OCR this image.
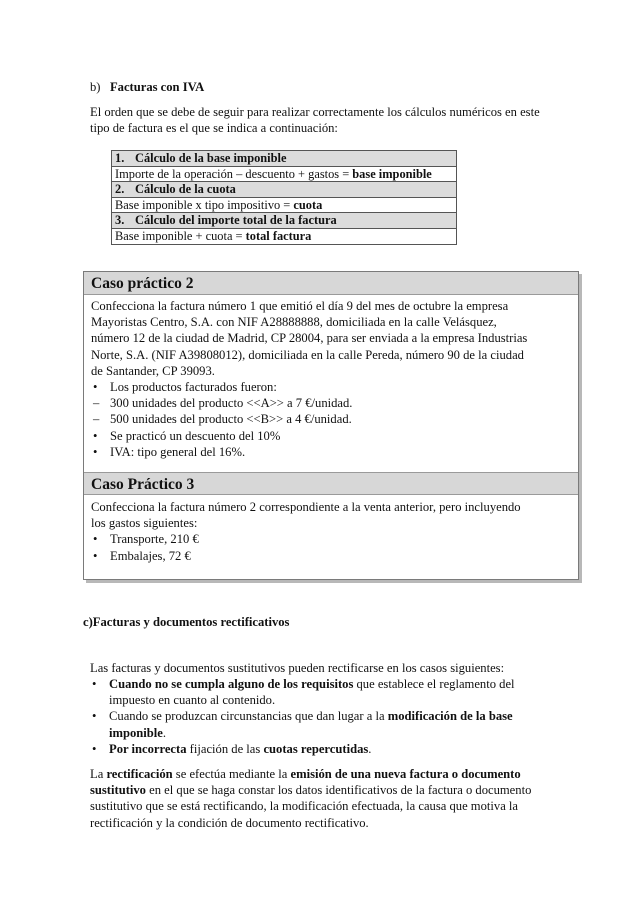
b) Facturas con IVA

El orden que se debe de seguir para realizar correctamente los cálculos numéricos en este tipo de factura es el que se indica a continuación:

1. Cálculo de la base imponible
Importe de la operación – descuento + gastos = base imponible
2. Cálculo de la cuota
Base imponible x tipo impositivo = cuota
3. Cálculo del importe total de la factura
Base imponible + cuota = total factura
Caso práctico 2

Confecciona la factura número 1 que emitió el día 9 del mes de octubre la empresa

Mayoristas Centro, S.A. con NIF A28888888, domiciliada en la calle Velásquez,

número 12 de la ciudad de Madrid, CP 28004, para ser enviada a la empresa Industrias

Norte, S.A. (NIF A39808012), domiciliada en la calle Pereda, número 90 de la ciudad

de Santander, CP 39093.

• Los productos facturados fueron:
– 300 unidades del producto <<A>> a 7 €/unidad.
– 500 unidades del producto <<B>> a 4 €/unidad.
• Se practicó un descuento del 10%
• IVA: tipo general del 16%.
Caso Práctico 3

Confecciona la factura número 2 correspondiente a la venta anterior, pero incluyendo

los gastos siguientes:

• Transporte, 210 €
• Embalajes, 72 €

c)Facturas y documentos rectificativos

Las facturas y documentos sustitutivos pueden rectificarse en los casos siguientes:

• Cuando no se cumpla alguno de los requisitos que establece el reglamento del impuesto en cuanto al contenido.
• Cuando se produzcan circunstancias que dan lugar a la modificación de la base imponible.
• Por incorrecta fijación de las cuotas repercutidas.

La rectificación se efectúa mediante la emisión de una nueva factura o documento sustitutivo en el que se haga constar los datos identificativos de la factura o documento sustitutivo que se está rectificando, la modificación efectuada, la causa que motiva la rectificación y la condición de documento rectificativo.
